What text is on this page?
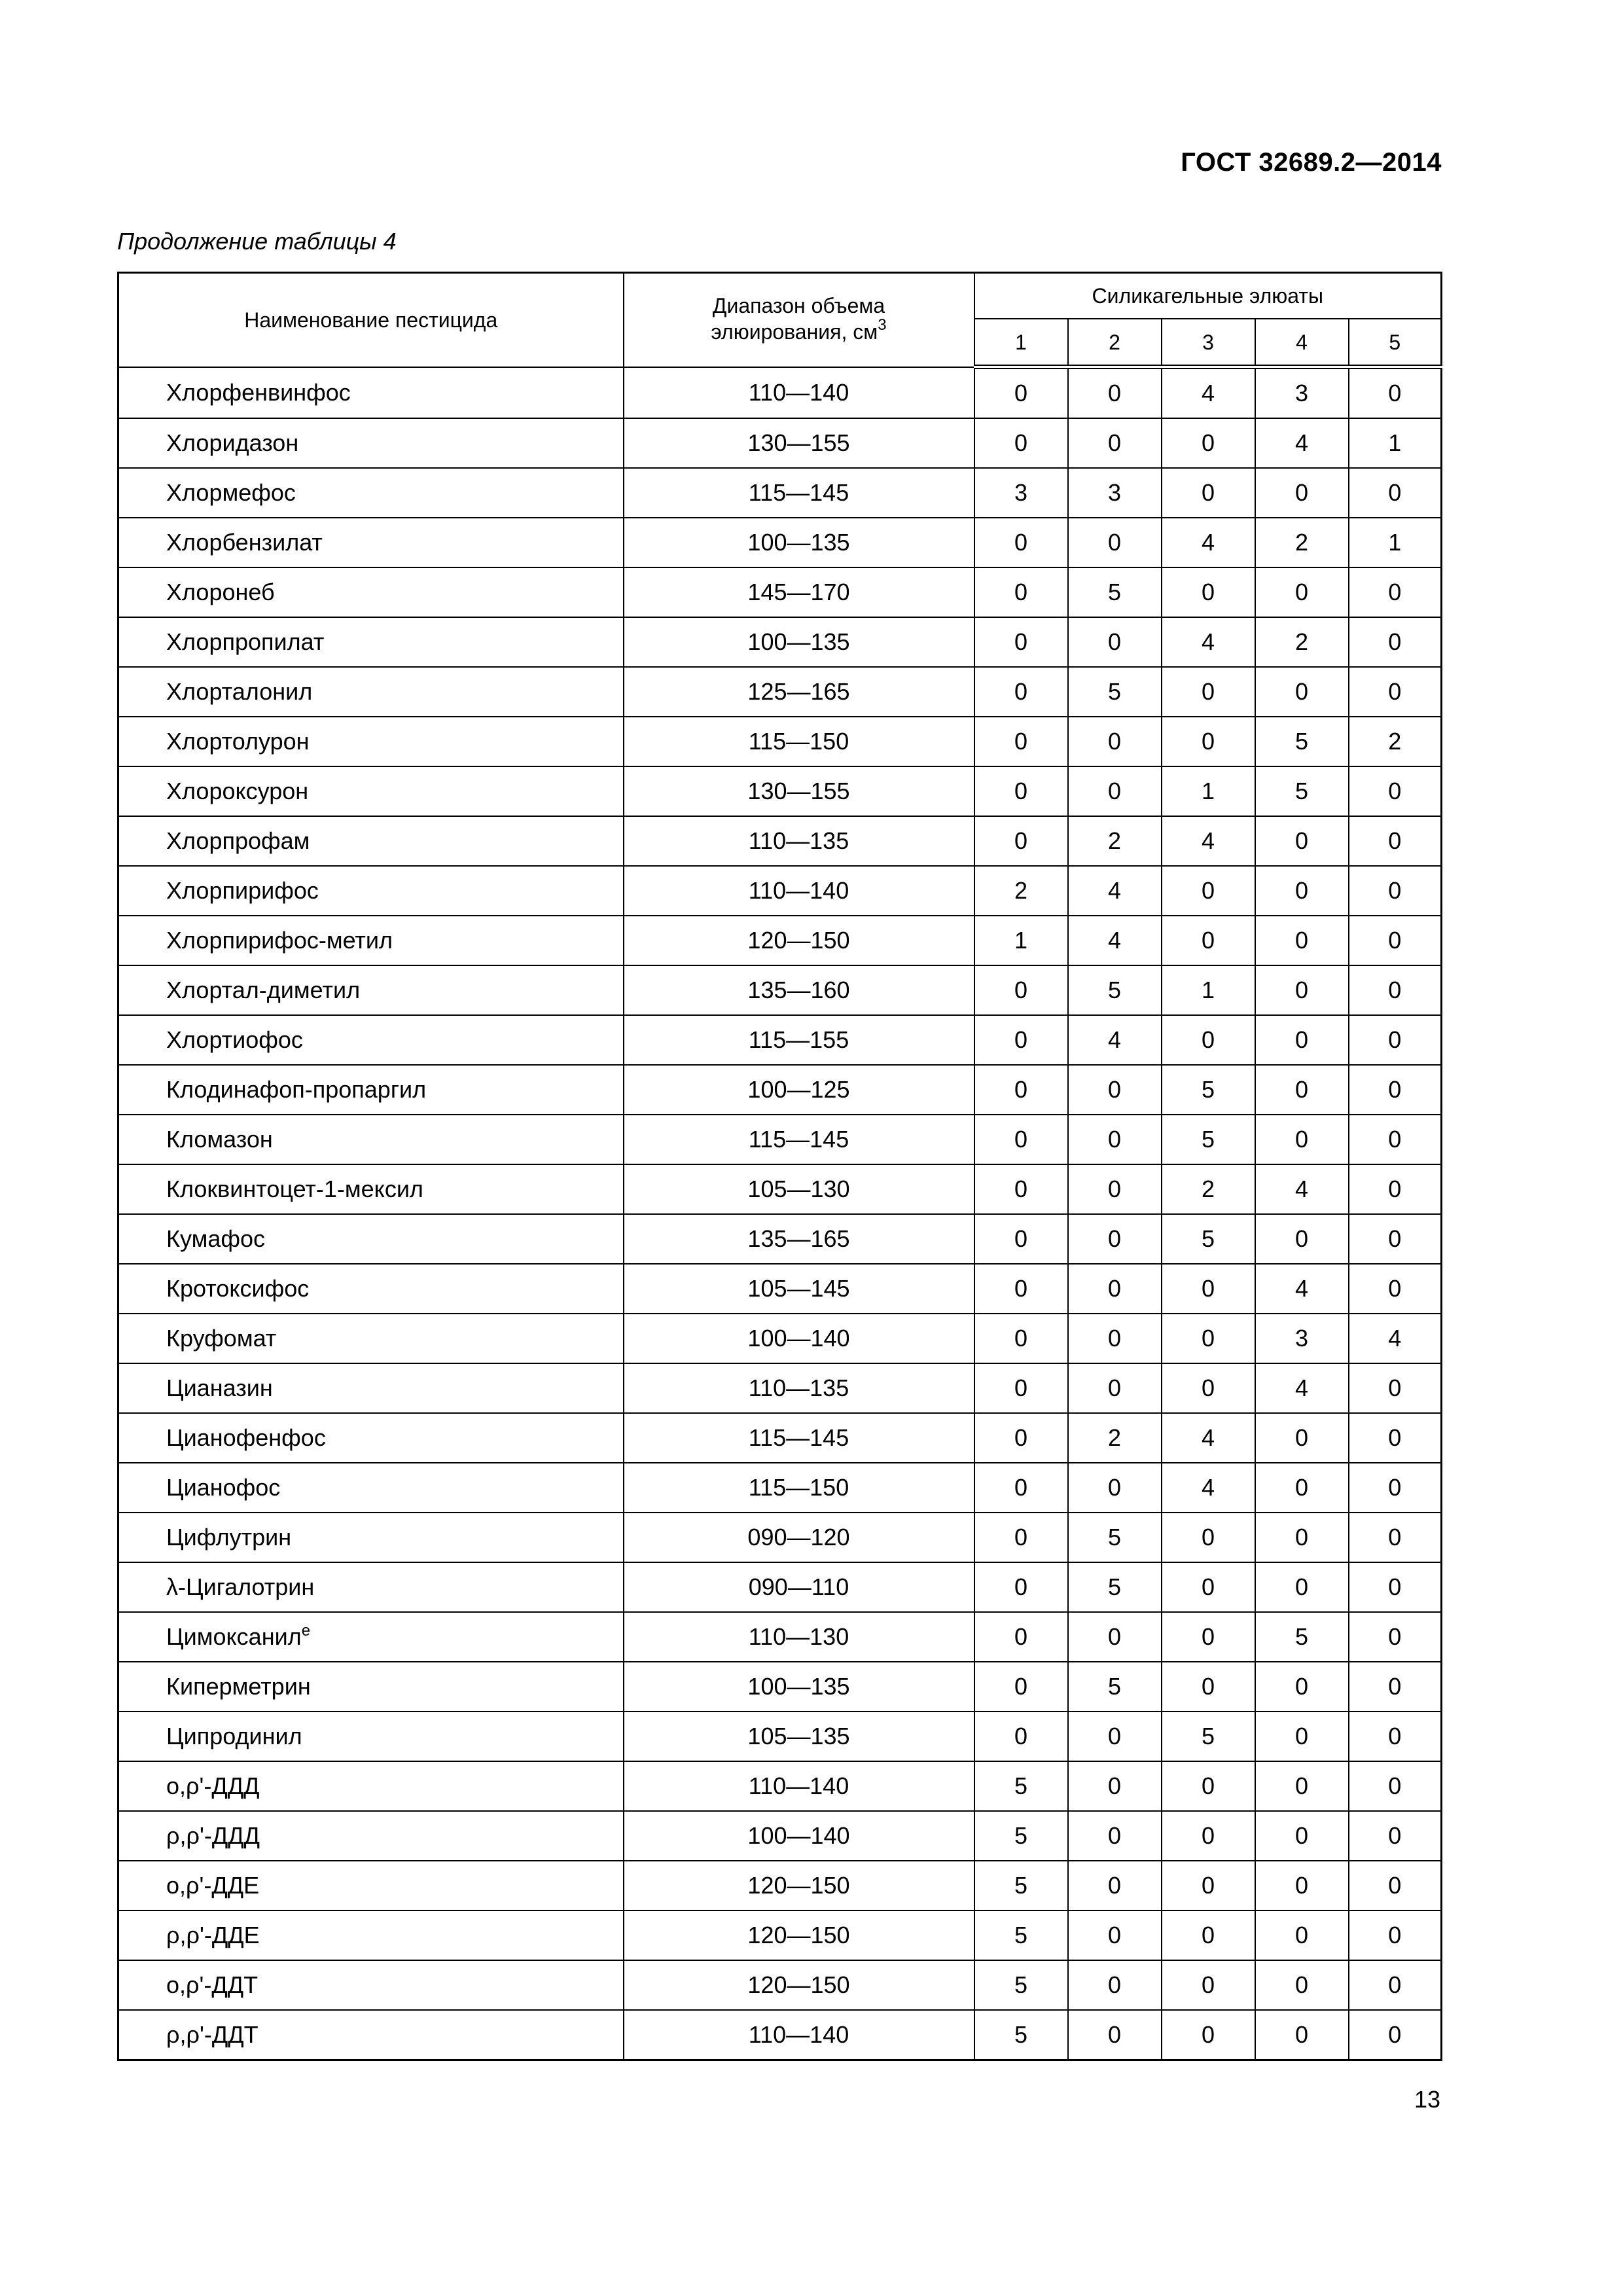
ГОСТ 32689.2—2014
Продолжение таблицы 4
Наименование пестицида	Диапазон объема
элюирования, $см^3$	Силикагельные элюаты				
		1	2	3	4	5
Хлорфенвинфос	110—140	0	0	4	3	0
Хлоридазон	130—155	0	0	0	4	1
Хлормефос	115—145	3	3	0	0	0
Хлорбензилат	100—135	0	0	4	2	1
Хлоронеб	145—170	0	5	0	0	0
Хлорпропилат	100—135	0	0	4	2	0
Хлорталонил	125—165	0	5	0	0	0
Хлортолурон	115—150	0	0	0	5	2
Хлороксурон	130—155	0	0	1	5	0
Хлорпрофам	110—135	0	2	4	0	0
Хлорпирифос	110—140	2	4	0	0	0
Хлорпирифос-метил	120—150	1	4	0	0	0
Хлортал-диметил	135—160	0	5	1	0	0
Хлортиофос	115—155	0	4	0	0	0
Клодинафоп-пропаргил	100—125	0	0	5	0	0
Кломазон	115—145	0	0	5	0	0
Клоквинтоцет-1-мексил	105—130	0	0	2	4	0
Кумафос	135—165	0	0	5	0	0
Кротоксифос	105—145	0	0	0	4	0
Круфомат	100—140	0	0	0	3	4
Цианазин	110—135	0	0	0	4	0
Цианофенфос	115—145	0	2	4	0	0
Цианофос	115—150	0	0	4	0	0
Цифлутрин	090—120	0	5	0	0	0
λ-Цигалотрин	090—110	0	5	0	0	0
Цимоксанил$^е$	110—130	0	0	0	5	0
Киперметрин	100—135	0	5	0	0	0
Ципродинил	105—135	0	0	5	0	0
о,ρ'-ДДД	110—140	5	0	0	0	0
ρ,ρ'-ДДД	100—140	5	0	0	0	0
о,ρ'-ДДЕ	120—150	5	0	0	0	0
ρ,ρ'-ДДЕ	120—150	5	0	0	0	0
о,ρ'-ДДТ	120—150	5	0	0	0	0
ρ,ρ'-ДДТ	110—140	5	0	0	0	0
13
